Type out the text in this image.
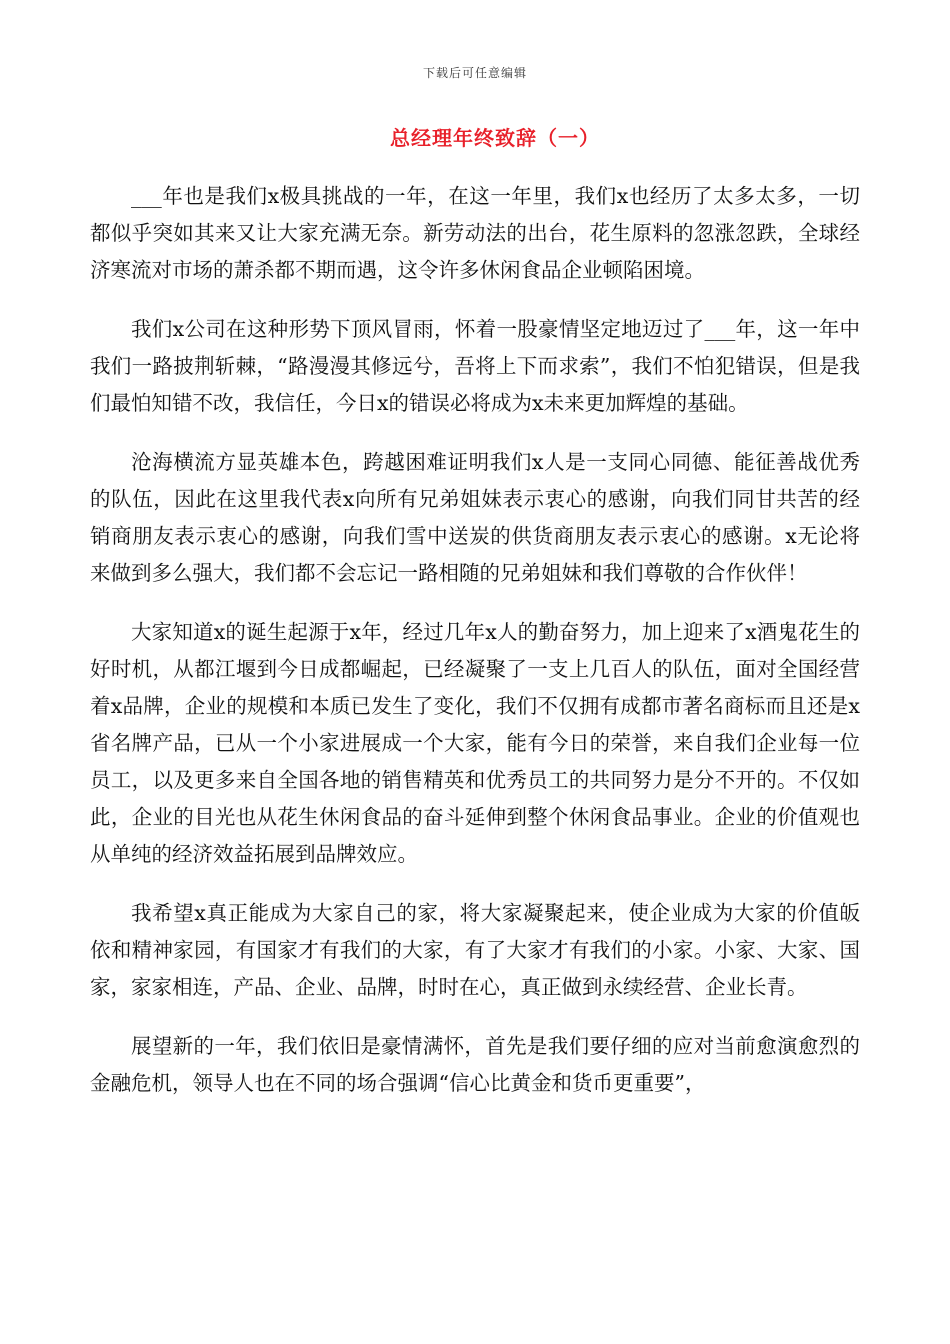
下载后可任意编辑
总经理年终致辞（一）

___年也是我们x极具挑战的一年，在这一年里，我们x也经历了太多太多，一切都似乎突如其来又让大家充满无奈。新劳动法的出台，花生原料的忽涨忽跌，全球经济寒流对市场的萧杀都不期而遇，这令许多休闲食品企业顿陷困境。

我们x公司在这种形势下顶风冒雨，怀着一股豪情坚定地迈过了___年，这一年中我们一路披荆斩棘，“路漫漫其修远兮，吾将上下而求索”，我们不怕犯错误，但是我们最怕知错不改，我信任，今日x的错误必将成为x未来更加辉煌的基础。

沧海横流方显英雄本色，跨越困难证明我们x人是一支同心同德、能征善战优秀的队伍，因此在这里我代表x向所有兄弟姐妹表示衷心的感谢，向我们同甘共苦的经销商朋友表示衷心的感谢，向我们雪中送炭的供货商朋友表示衷心的感谢。x无论将来做到多么强大，我们都不会忘记一路相随的兄弟姐妹和我们尊敬的合作伙伴！

大家知道x的诞生起源于x年，经过几年x人的勤奋努力，加上迎来了x酒鬼花生的好时机，从都江堰到今日成都崛起，已经凝聚了一支上几百人的队伍，面对全国经营着x品牌，企业的规模和本质已发生了变化，我们不仅拥有成都市著名商标而且还是x省名牌产品，已从一个小家进展成一个大家，能有今日的荣誉，来自我们企业每一位员工，以及更多来自全国各地的销售精英和优秀员工的共同努力是分不开的。不仅如此，企业的目光也从花生休闲食品的奋斗延伸到整个休闲食品事业。企业的价值观也从单纯的经济效益拓展到品牌效应。

我希望x真正能成为大家自己的家，将大家凝聚起来，使企业成为大家的价值皈依和精神家园，有国家才有我们的大家，有了大家才有我们的小家。小家、大家、国家，家家相连，产品、企业、品牌，时时在心，真正做到永续经营、企业长青。

展望新的一年，我们依旧是豪情满怀，首先是我们要仔细的应对当前愈演愈烈的金融危机，领导人也在不同的场合强调“信心比黄金和货币更重要”，
